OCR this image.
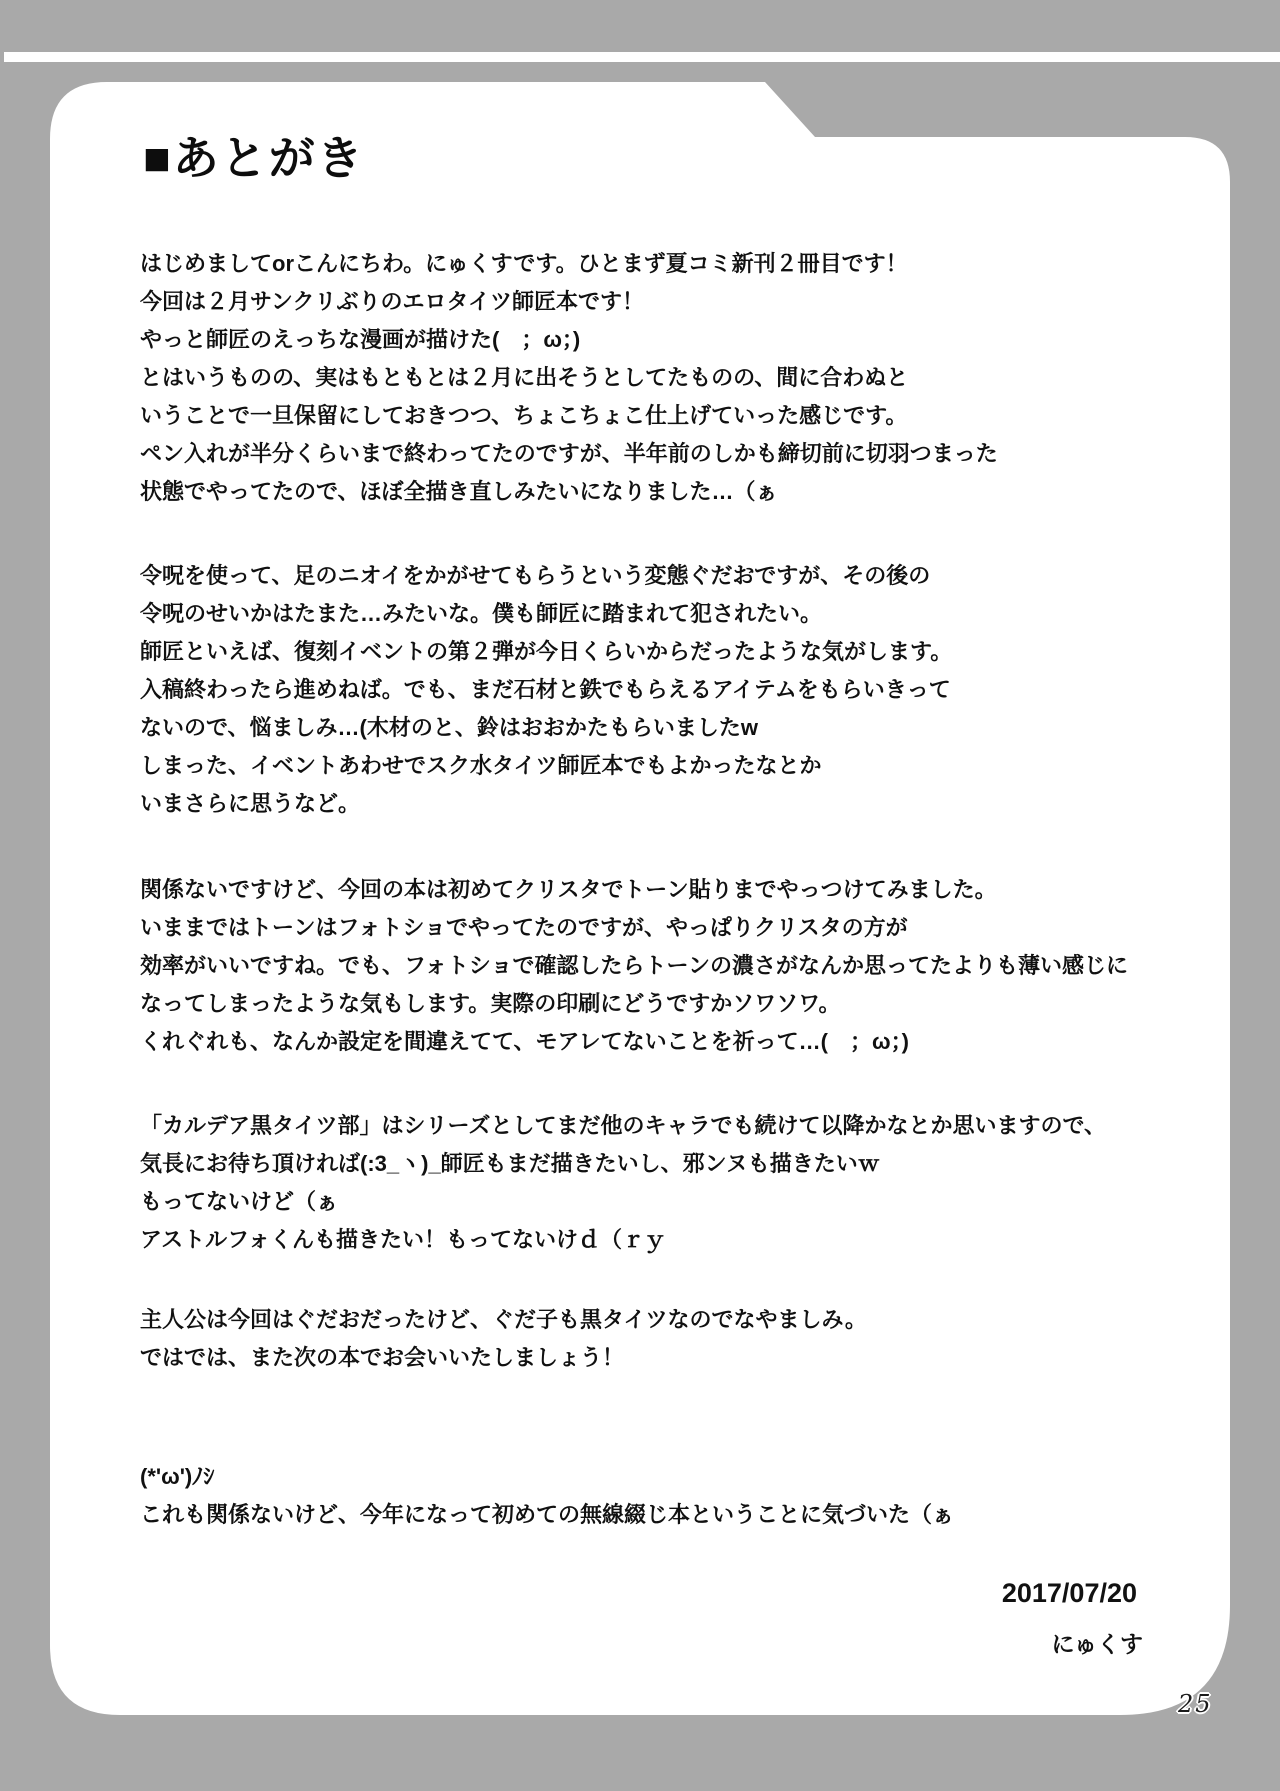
■あとがき
はじめましてorこんにちわ。にゅくすです。ひとまず夏コミ新刊２冊目です！
今回は２月サンクリぶりのエロタイツ師匠本です！
やっと師匠のえっちな漫画が描けた(　；ω；)
とはいうものの、実はもともとは２月に出そうとしてたものの、間に合わぬと
いうことで一旦保留にしておきつつ、ちょこちょこ仕上げていった感じです。
ペン入れが半分くらいまで終わってたのですが、半年前のしかも締切前に切羽つまった
状態でやってたので、ほぼ全描き直しみたいになりました…（ぁ
令呪を使って、足のニオイをかがせてもらうという変態ぐだおですが、その後の
令呪のせいかはたまた…みたいな。僕も師匠に踏まれて犯されたい。
師匠といえば、復刻イベントの第２弾が今日くらいからだったような気がします。
入稿終わったら進めねば。でも、まだ石材と鉄でもらえるアイテムをもらいきって
ないので、悩ましみ…(木材のと、鈴はおおかたもらいましたw
しまった、イベントあわせでスク水タイツ師匠本でもよかったなとか
いまさらに思うなど。
関係ないですけど、今回の本は初めてクリスタでトーン貼りまでやっつけてみました。
いままではトーンはフォトショでやってたのですが、やっぱりクリスタの方が
効率がいいですね。でも、フォトショで確認したらトーンの濃さがなんか思ってたよりも薄い感じに
なってしまったような気もします。実際の印刷にどうですかソワソワ。
くれぐれも、なんか設定を間違えてて、モアレてないことを祈って…(　；ω；)
「カルデア黒タイツ部」はシリーズとしてまだ他のキャラでも続けて以降かなとか思いますので、
気長にお待ち頂ければ(:3_ヽ)_師匠もまだ描きたいし、邪ンヌも描きたいｗ
もってないけど（ぁ
アストルフォくんも描きたい！もってないけｄ（ｒｙ
主人公は今回はぐだおだったけど、ぐだ子も黒タイツなのでなやましみ。
ではでは、また次の本でお会いいたしましょう！
(*'ω')ﾉｼ
これも関係ないけど、今年になって初めての無線綴じ本ということに気づいた（ぁ
2017/07/20
にゅくす
25
